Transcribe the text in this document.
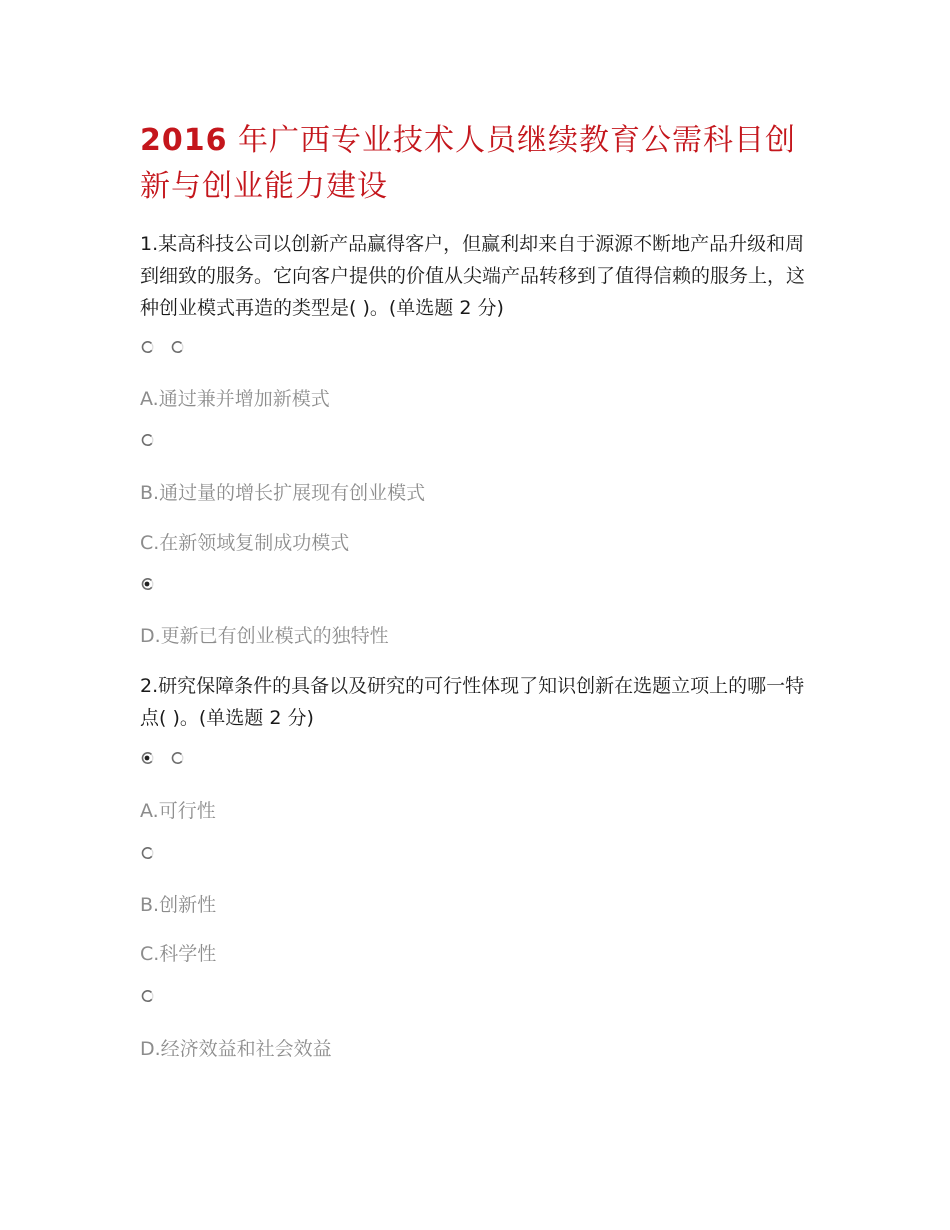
2016 年广西专业技术人员继续教育公需科目创新与创业能力建设

1.某高科技公司以创新产品赢得客户，但赢利却来自于源源不断地产品升级和周到细致的服务。它向客户提供的价值从尖端产品转移到了值得信赖的服务上，这种创业模式再造的类型是( )。(单选题 2 分)

A.通过兼并增加新模式

B.通过量的增长扩展现有创业模式

C.在新领域复制成功模式

D.更新已有创业模式的独特性

2.研究保障条件的具备以及研究的可行性体现了知识创新在选题立项上的哪一特点( )。(单选题 2 分)

A.可行性

B.创新性

C.科学性

D.经济效益和社会效益
